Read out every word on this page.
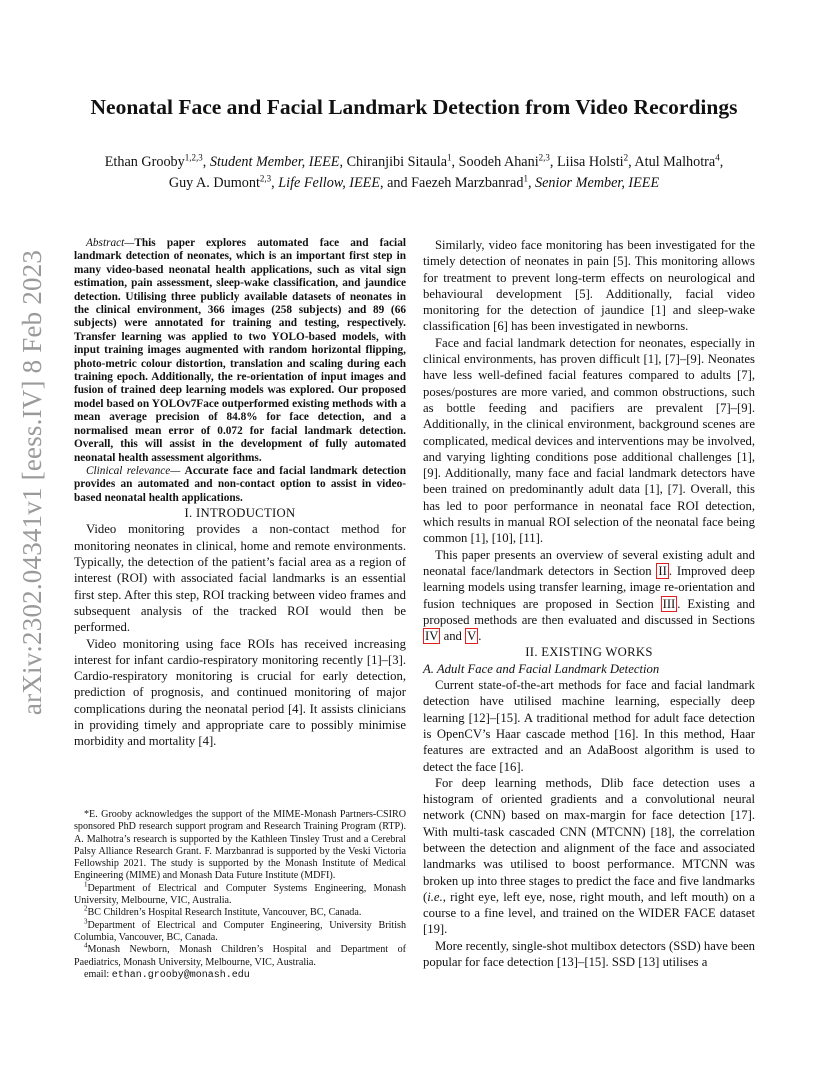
arXiv:2302.04341v1 [eess.IV] 8 Feb 2023
Neonatal Face and Facial Landmark Detection from Video Recordings
Ethan Grooby$^{1,2,3}$, Student Member, IEEE, Chiranjibi Sitaula$^1$, Soodeh Ahani$^{2,3}$, Liisa Holsti$^2$, Atul Malhotra$^4$,
Guy A. Dumont$^{2,3}$, Life Fellow, IEEE, and Faezeh Marzbanrad$^1$, Senior Member, IEEE

Abstract—This paper explores automated face and facial landmark detection of neonates, which is an important first step in many video-based neonatal health applications, such as vital sign estimation, pain assessment, sleep-wake classification, and jaundice detection. Utilising three publicly available datasets of neonates in the clinical environment, 366 images (258 subjects) and 89 (66 subjects) were annotated for training and testing, respectively. Transfer learning was applied to two YOLO-based models, with input training images augmented with random horizontal flipping, photo-metric colour distortion, translation and scaling during each training epoch. Additionally, the re-orientation of input images and fusion of trained deep learning models was explored. Our proposed model based on YOLOv7Face outperformed existing methods with a mean average precision of 84.8% for face detection, and a normalised mean error of 0.072 for facial landmark detection. Overall, this will assist in the development of fully automated neonatal health assessment algorithms.

Clinical relevance— Accurate face and facial landmark detection provides an automated and non-contact option to assist in video-based neonatal health applications.

I. INTRODUCTION

Video monitoring provides a non-contact method for monitoring neonates in clinical, home and remote environments. Typically, the detection of the patient’s facial area as a region of interest (ROI) with associated facial landmarks is an essential first step. After this step, ROI tracking between video frames and subsequent analysis of the tracked ROI would then be performed.

Video monitoring using face ROIs has received increasing interest for infant cardio-respiratory monitoring recently [1]–[3]. Cardio-respiratory monitoring is crucial for early detection, prediction of prognosis, and continued monitoring of major complications during the neonatal period [4]. It assists clinicians in providing timely and appropriate care to possibly minimise morbidity and mortality [4].

*E. Grooby acknowledges the support of the MIME-Monash Partners-CSIRO sponsored PhD research support program and Research Training Program (RTP). A. Malhotra’s research is supported by the Kathleen Tinsley Trust and a Cerebral Palsy Alliance Research Grant. F. Marzbanrad is supported by the Veski Victoria Fellowship 2021. The study is supported by the Monash Institute of Medical Engineering (MIME) and Monash Data Future Institute (MDFI).

$^1$Department of Electrical and Computer Systems Engineering, Monash University, Melbourne, VIC, Australia.

$^2$BC Children’s Hospital Research Institute, Vancouver, BC, Canada.

$^3$Department of Electrical and Computer Engineering, University British Columbia, Vancouver, BC, Canada.

$^4$Monash Newborn, Monash Children’s Hospital and Department of Paediatrics, Monash University, Melbourne, VIC, Australia.

email: ethan.grooby@monash.edu

Similarly, video face monitoring has been investigated for the timely detection of neonates in pain [5]. This monitoring allows for treatment to prevent long-term effects on neurological and behavioural development [5]. Additionally, facial video monitoring for the detection of jaundice [1] and sleep-wake classification [6] has been investigated in newborns.

Face and facial landmark detection for neonates, especially in clinical environments, has proven difficult [1], [7]–[9]. Neonates have less well-defined facial features compared to adults [7], poses/postures are more varied, and common obstructions, such as bottle feeding and pacifiers are prevalent [7]–[9]. Additionally, in the clinical environment, background scenes are complicated, medical devices and interventions may be involved, and varying lighting conditions pose additional challenges [1], [9]. Additionally, many face and facial landmark detectors have been trained on predominantly adult data [1], [7]. Overall, this has led to poor performance in neonatal face ROI detection, which results in manual ROI selection of the neonatal face being common [1], [10], [11].

This paper presents an overview of several existing adult and neonatal face/landmark detectors in Section II . Improved deep learning models using transfer learning, image re-orientation and fusion techniques are proposed in Section III . Existing and proposed methods are then evaluated and discussed in Sections IV and V .

II. EXISTING WORKS

A. Adult Face and Facial Landmark Detection

Current state-of-the-art methods for face and facial landmark detection have utilised machine learning, especially deep learning [12]–[15]. A traditional method for adult face detection is OpenCV’s Haar cascade method [16]. In this method, Haar features are extracted and an AdaBoost algorithm is used to detect the face [16].

For deep learning methods, Dlib face detection uses a histogram of oriented gradients and a convolutional neural network (CNN) based on max-margin for face detection [17]. With multi-task cascaded CNN (MTCNN) [18], the correlation between the detection and alignment of the face and associated landmarks was utilised to boost performance. MTCNN was broken up into three stages to predict the face and five landmarks (i.e., right eye, left eye, nose, right mouth, and left mouth) on a course to a fine level, and trained on the WIDER FACE dataset [19].

More recently, single-shot multibox detectors (SSD) have been popular for face detection [13]–[15]. SSD [13] utilises a
